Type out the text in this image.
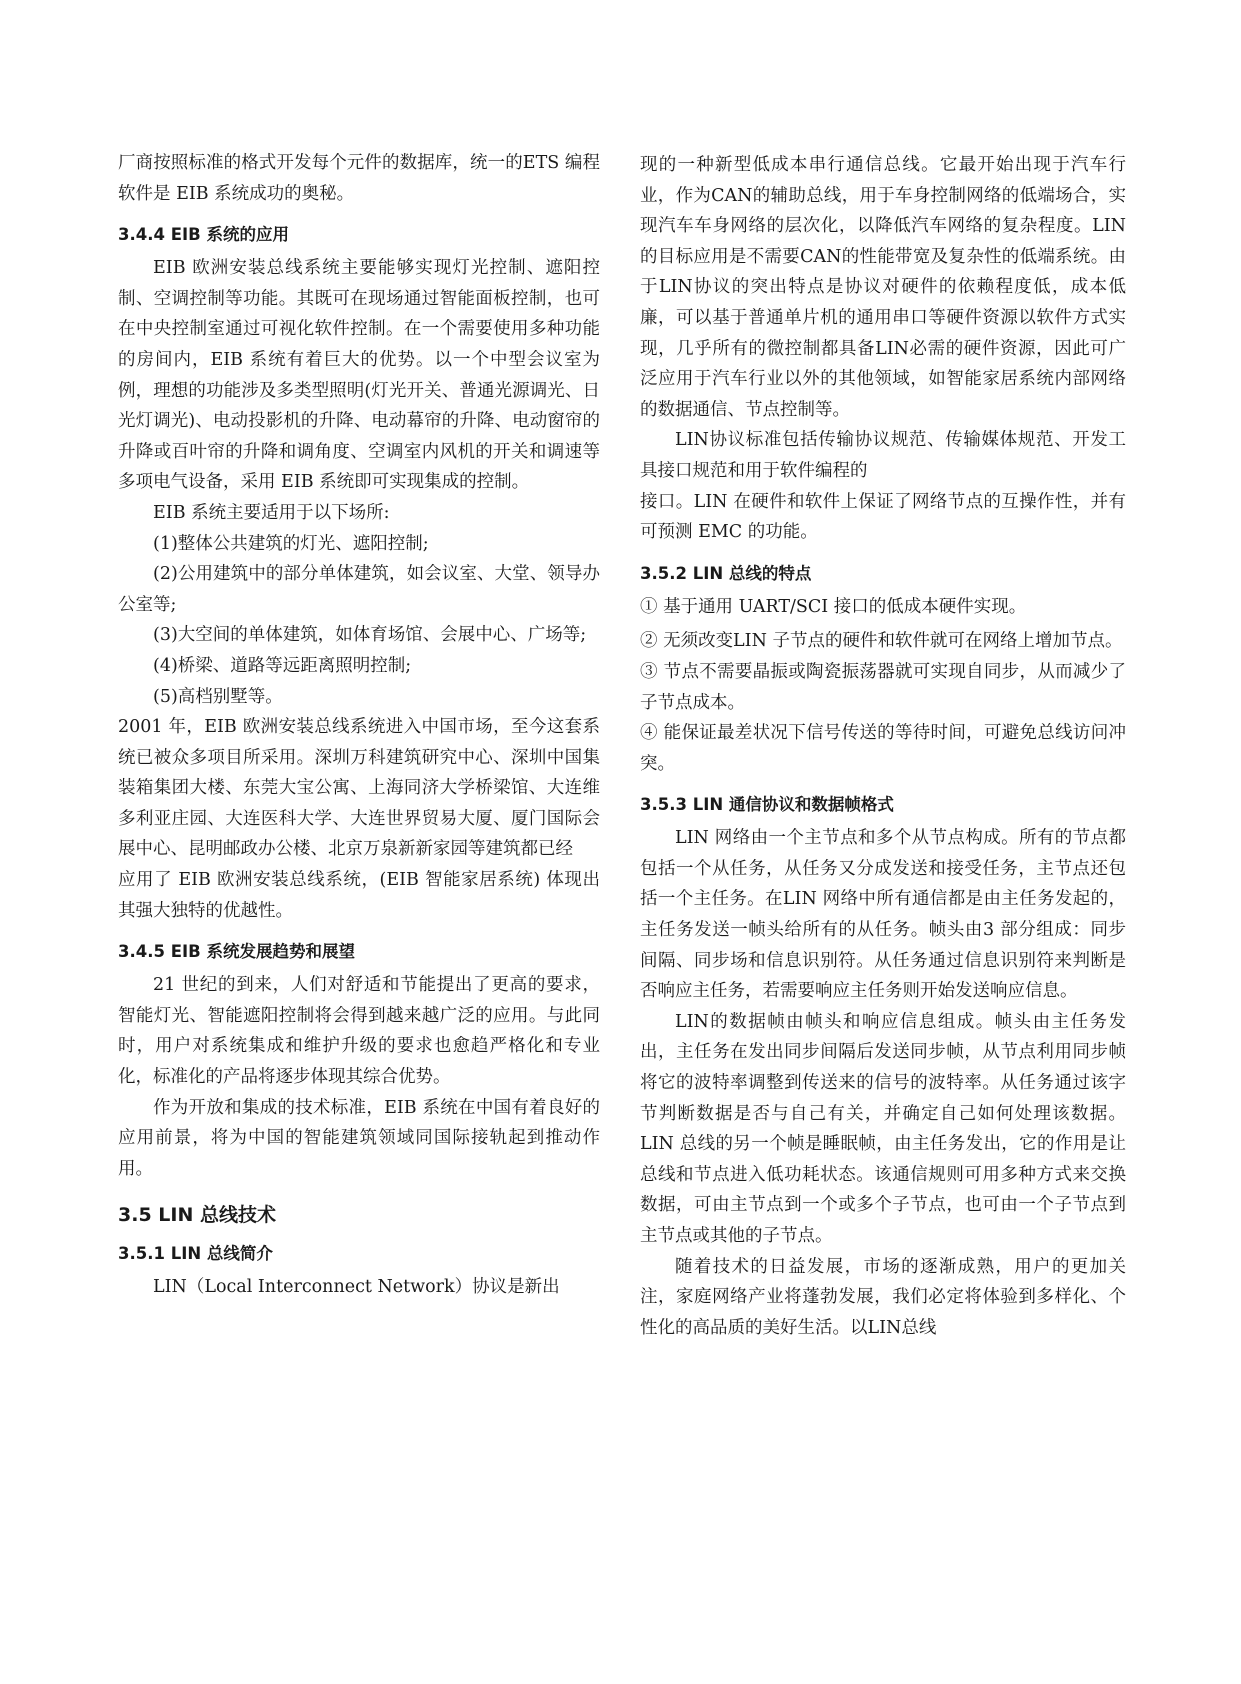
厂商按照标准的格式开发每个元件的数据库，统一的ETS 编程软件是 EIB 系统成功的奥秘。

3.4.4 EIB 系统的应用

EIB 欧洲安装总线系统主要能够实现灯光控制、遮阳控制、空调控制等功能。其既可在现场通过智能面板控制，也可在中央控制室通过可视化软件控制。在一个需要使用多种功能的房间内，EIB 系统有着巨大的优势。以一个中型会议室为例，理想的功能涉及多类型照明(灯光开关、普通光源调光、日光灯调光)、电动投影机的升降、电动幕帘的升降、电动窗帘的升降或百叶帘的升降和调角度、空调室内风机的开关和调速等多项电气设备，采用 EIB 系统即可实现集成的控制。

EIB 系统主要适用于以下场所:

(1)整体公共建筑的灯光、遮阳控制;

(2)公用建筑中的部分单体建筑，如会议室、大堂、领导办公室等;

(3)大空间的单体建筑，如体育场馆、会展中心、广场等;

(4)桥梁、道路等远距离照明控制;

(5)高档别墅等。

2001 年，EIB 欧洲安装总线系统进入中国市场，至今这套系统已被众多项目所采用。深圳万科建筑研究中心、深圳中国集装箱集团大楼、东莞大宝公寓、上海同济大学桥梁馆、大连维多利亚庄园、大连医科大学、大连世界贸易大厦、厦门国际会展中心、昆明邮政办公楼、北京万泉新新家园等建筑都已经

应用了 EIB 欧洲安装总线系统，(EIB 智能家居系统) 体现出其强大独特的优越性。

3.4.5 EIB 系统发展趋势和展望

21 世纪的到来，人们对舒适和节能提出了更高的要求，智能灯光、智能遮阳控制将会得到越来越广泛的应用。与此同时，用户对系统集成和维护升级的要求也愈趋严格化和专业化，标准化的产品将逐步体现其综合优势。

作为开放和集成的技术标准，EIB 系统在中国有着良好的应用前景，将为中国的智能建筑领域同国际接轨起到推动作用。

3.5 LIN 总线技术
3.5.1 LIN 总线简介

LIN（Local Interconnect Network）协议是新出

现的一种新型低成本串行通信总线。它最开始出现于汽车行业，作为CAN的辅助总线，用于车身控制网络的低端场合，实现汽车车身网络的层次化，以降低汽车网络的复杂程度。LIN的目标应用是不需要CAN的性能带宽及复杂性的低端系统。由于LIN协议的突出特点是协议对硬件的依赖程度低，成本低廉，可以基于普通单片机的通用串口等硬件资源以软件方式实现，几乎所有的微控制都具备LIN必需的硬件资源，因此可广泛应用于汽车行业以外的其他领域，如智能家居系统内部网络的数据通信、节点控制等。

LIN协议标准包括传输协议规范、传输媒体规范、开发工具接口规范和用于软件编程的

接口。LIN 在硬件和软件上保证了网络节点的互操作性，并有可预测 EMC 的功能。

3.5.2 LIN 总线的特点

① 基于通用 UART/SCI 接口的低成本硬件实现。

② 无须改变LIN 子节点的硬件和软件就可在网络上增加节点。

③ 节点不需要晶振或陶瓷振荡器就可实现自同步，从而减少了子节点成本。

④ 能保证最差状况下信号传送的等待时间，可避免总线访问冲突。

3.5.3 LIN 通信协议和数据帧格式

LIN 网络由一个主节点和多个从节点构成。所有的节点都包括一个从任务，从任务又分成发送和接受任务，主节点还包括一个主任务。在LIN 网络中所有通信都是由主任务发起的，主任务发送一帧头给所有的从任务。帧头由3 部分组成：同步间隔、同步场和信息识别符。从任务通过信息识别符来判断是否响应主任务，若需要响应主任务则开始发送响应信息。

LIN的数据帧由帧头和响应信息组成。帧头由主任务发出，主任务在发出同步间隔后发送同步帧，从节点利用同步帧将它的波特率调整到传送来的信号的波特率。从任务通过该字节判断数据是否与自己有关，并确定自己如何处理该数据。LIN 总线的另一个帧是睡眠帧，由主任务发出，它的作用是让总线和节点进入低功耗状态。该通信规则可用多种方式来交换数据，可由主节点到一个或多个子节点，也可由一个子节点到主节点或其他的子节点。

随着技术的日益发展，市场的逐渐成熟，用户的更加关注，家庭网络产业将蓬勃发展，我们必定将体验到多样化、个性化的高品质的美好生活。以LIN总线
